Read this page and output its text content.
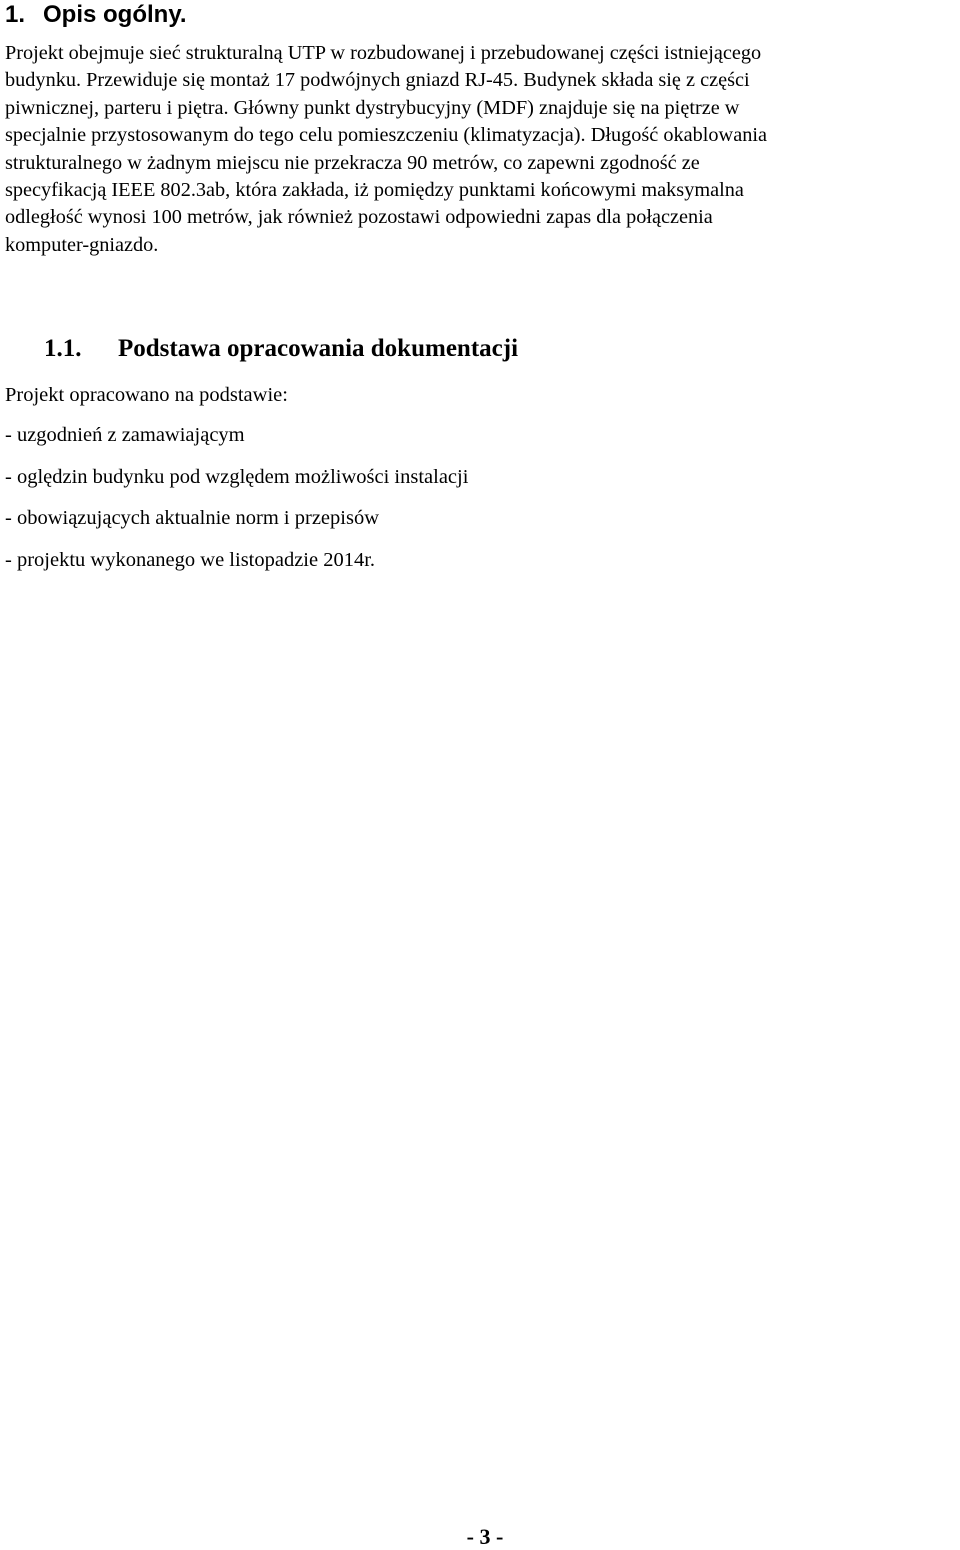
1. Opis ogólny.

Projekt obejmuje sieć strukturalną UTP w rozbudowanej i przebudowanej części istniejącego
budynku. Przewiduje się montaż 17 podwójnych gniazd RJ-45. Budynek składa się z części
piwnicznej, parteru i piętra. Główny punkt dystrybucyjny (MDF) znajduje się na piętrze w
specjalnie przystosowanym do tego celu pomieszczeniu (klimatyzacja). Długość okablowania
strukturalnego w żadnym miejscu nie przekracza 90 metrów, co zapewni zgodność ze
specyfikacją IEEE 802.3ab, która zakłada, iż pomiędzy punktami końcowymi maksymalna
odległość wynosi 100 metrów, jak również pozostawi odpowiedni zapas dla połączenia
komputer-gniazdo.

1.1. Podstawa opracowania dokumentacji

Projekt opracowano na podstawie:

- uzgodnień z zamawiającym
- oględzin budynku pod względem możliwości instalacji
- obowiązujących aktualnie norm i przepisów
- projektu wykonanego we listopadzie 2014r.
- 3 -
